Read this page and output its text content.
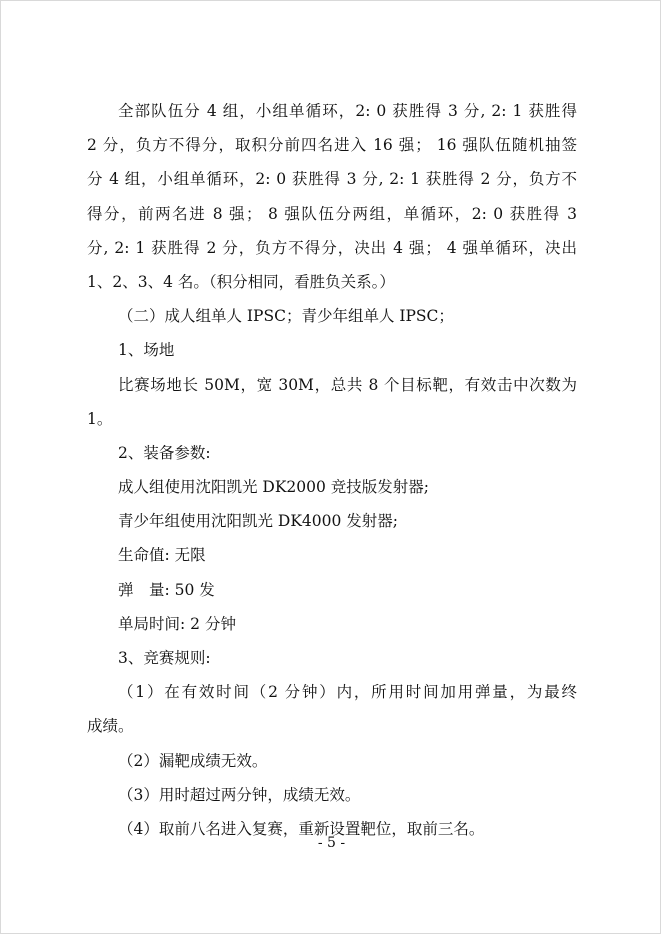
全部队伍分 4 组，小组单循环，2: 0 获胜得 3 分, 2: 1 获胜得
2 分，负方不得分，取积分前四名进入 16 强； 16 强队伍随机抽签
分 4 组，小组单循环，2: 0 获胜得 3 分, 2: 1 获胜得 2 分，负方不
得分，前两名进 8 强； 8 强队伍分两组，单循环，2: 0 获胜得 3
分, 2: 1 获胜得 2 分，负方不得分，决出 4 强； 4 强单循环，决出
1、2、3、4 名。（积分相同，看胜负关系。）
（二）成人组单人 IPSC；青少年组单人 IPSC；
1、场地
比赛场地长 50M，宽 30M，总共 8 个目标靶，有效击中次数为
1。
2、装备参数:
成人组使用沈阳凯光 DK2000 竞技版发射器;
青少年组使用沈阳凯光 DK4000 发射器;
生命值: 无限
弹　量: 50 发
单局时间: 2 分钟
3、竞赛规则:
（1）在有效时间（2 分钟）内，所用时间加用弹量，为最终
成绩。
（2）漏靶成绩无效。
（3）用时超过两分钟，成绩无效。
（4）取前八名进入复赛，重新设置靶位，取前三名。
- 5 -
